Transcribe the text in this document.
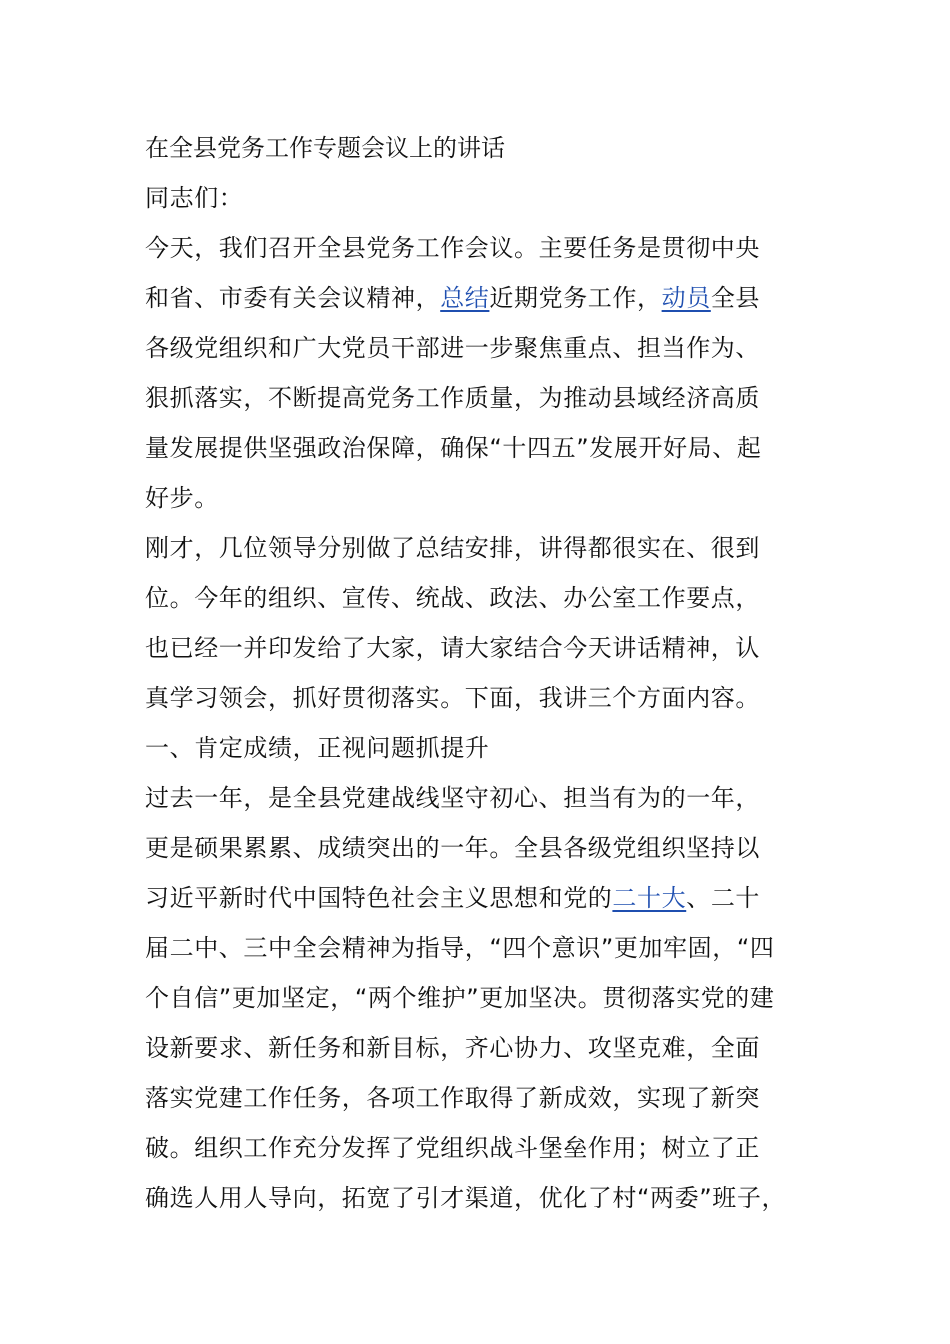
在全县党务工作专题会议上的讲话
同志们：
今天，我们召开全县党务工作会议。主要任务是贯彻中央
和省、市委有关会议精神，总结近期党务工作，动员全县
各级党组织和广大党员干部进一步聚焦重点、担当作为、
狠抓落实，不断提高党务工作质量，为推动县域经济高质
量发展提供坚强政治保障，确保“十四五”发展开好局、起
好步。
刚才，几位领导分别做了总结安排，讲得都很实在、很到
位。今年的组织、宣传、统战、政法、办公室工作要点，
也已经一并印发给了大家，请大家结合今天讲话精神，认
真学习领会，抓好贯彻落实。下面，我讲三个方面内容。
一、肯定成绩，正视问题抓提升
过去一年，是全县党建战线坚守初心、担当有为的一年，
更是硕果累累、成绩突出的一年。全县各级党组织坚持以
习近平新时代中国特色社会主义思想和党的二十大、二十
届二中、三中全会精神为指导，“四个意识”更加牢固，“四
个自信”更加坚定，“两个维护”更加坚决。贯彻落实党的建
设新要求、新任务和新目标，齐心协力、攻坚克难，全面
落实党建工作任务，各项工作取得了新成效，实现了新突
破。组织工作充分发挥了党组织战斗堡垒作用；树立了正
确选人用人导向，拓宽了引才渠道，优化了村“两委”班子，
